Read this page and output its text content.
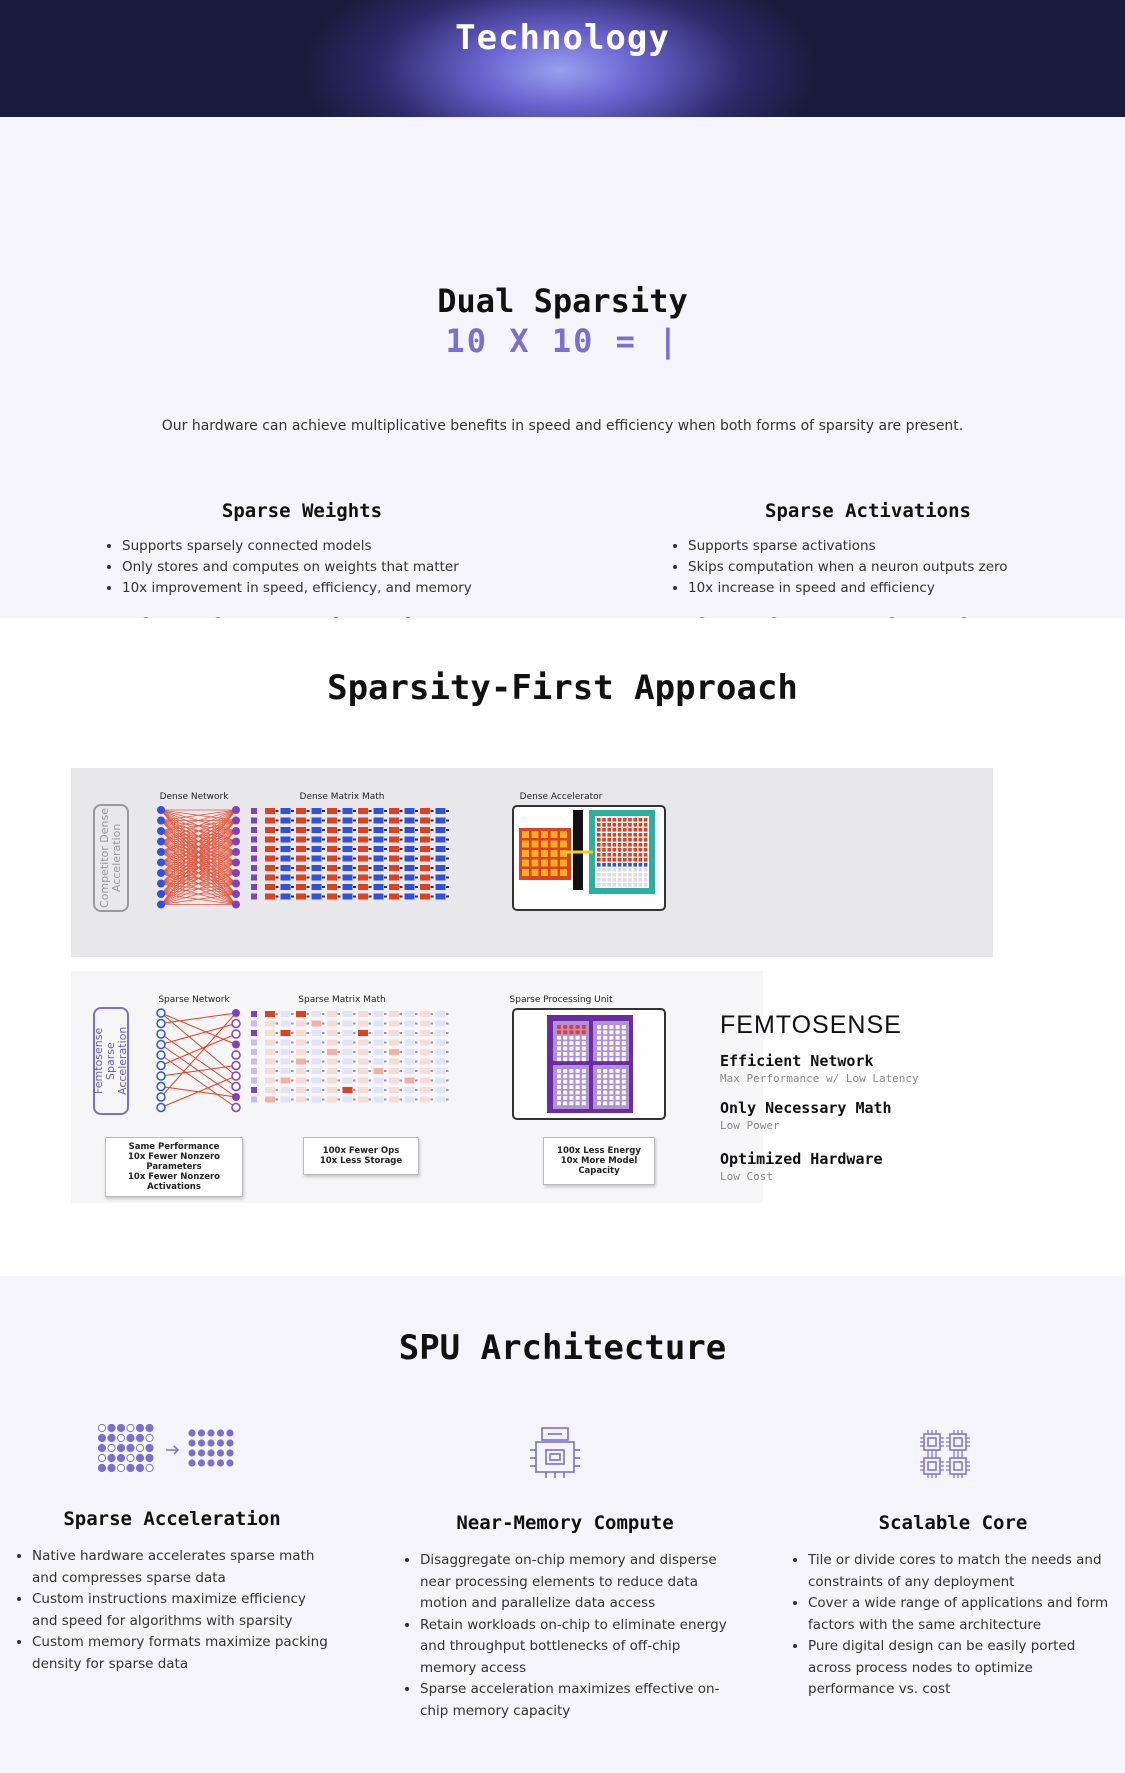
Technology
Dual Sparsity
10 X 10 = |
Our hardware can achieve multiplicative benefits in speed and efficiency when both forms of sparsity are present.
Sparse Weights
• Supports sparsely connected models
• Only stores and computes on weights that matter
• 10x improvement in speed, efficiency, and memory
Sparse Activations
• Supports sparse activations
• Skips computation when a neuron outputs zero
• 10x increase in speed and efficiency
Sparsity-First Approach
Competitor Dense Acceleration
Dense Network	Dense Matrix Math	Dense Accelerator
Femtosense Sparse Acceleration
Sparse Network	Sparse Matrix Math	Sparse Processing Unit
Same Performance
10x Fewer Nonzero Parameters
10x Fewer Nonzero Activations
100x Fewer Ops
10x Less Storage
100x Less Energy
10x More Model Capacity
FEMTOSENSE
Efficient Network
Max Performance w/ Low Latency
Only Necessary Math
Low Power
Optimized Hardware
Low Cost
SPU Architecture
Sparse Acceleration
• Native hardware accelerates sparse math and compresses sparse data
• Custom instructions maximize efficiency and speed for algorithms with sparsity
• Custom memory formats maximize packing density for sparse data
Near-Memory Compute
• Disaggregate on-chip memory and disperse near processing elements to reduce data motion and parallelize data access
• Retain workloads on-chip to eliminate energy and throughput bottlenecks of off-chip memory access
• Sparse acceleration maximizes effective on-chip memory capacity
Scalable Core
• Tile or divide cores to match the needs and constraints of any deployment
• Cover a wide range of applications and form factors with the same architecture
• Pure digital design can be easily ported across process nodes to optimize performance vs. cost
